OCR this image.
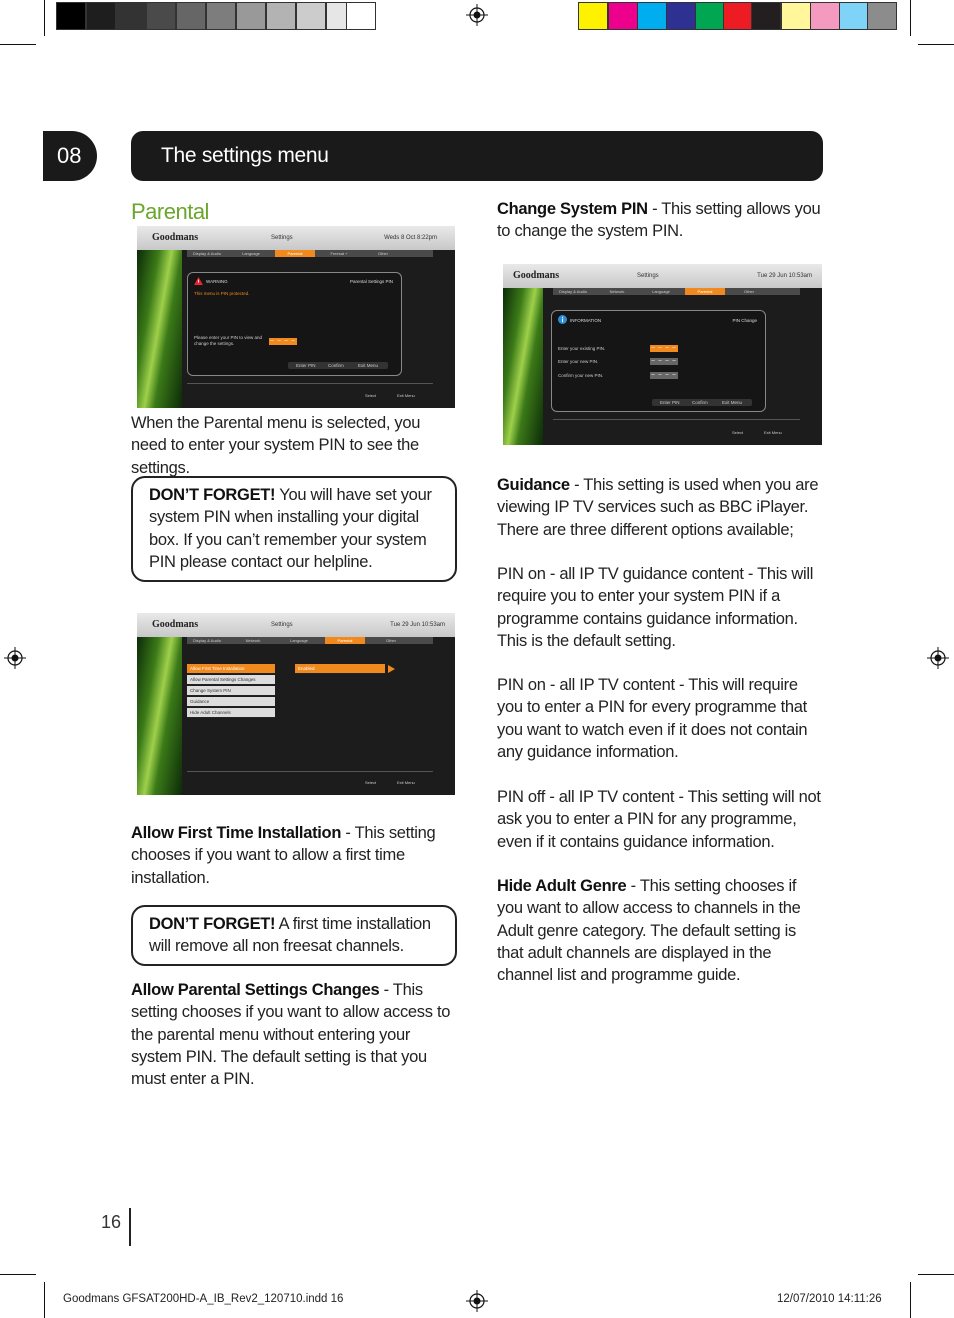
08	The settings menu
Parental
Goodmans	Settings	Weds 8 Oct 8:22pm
Display & Audio	Language	Parental	Freesat +	Other
WARNING	Parental Settings PIN
This menu is PIN protected.
Please enter your PIN to view and change the settings.	– – – –
Enter PIN	Confirm	Exit Menu
Select	Exit Menu
When the Parental menu is selected, you need to enter your system PIN to see the settings.
DON’T FORGET! You will have set your system PIN when installing your digital box. If you can’t remember your system PIN please contact our helpline.
Goodmans	Settings	Tue 29 Jun 10:53am
Display & Audio	Network	Language	Parental	Other
Allow First Time Installation
Allow Parental Settings Changes
Change System PIN
Guidance
Hide Adult Channels
Enabled
Select	Exit Menu
Allow First Time Installation - This setting chooses if you want to allow a first time installation.
DON’T FORGET! A first time installation will remove all non freesat channels.
Allow Parental Settings Changes - This setting chooses if you want to allow access to the parental menu without entering your system PIN. The default setting is that you must enter a PIN.
Change System PIN - This setting allows you to change the system PIN.
Goodmans	Settings	Tue 29 Jun 10:53am
Display & Audio	Network	Language	Parental	Other
INFORMATION	PIN Change
Enter your existing PIN.
Enter your new PIN.
Confirm your new PIN.
– – – –
– – – –
– – – –
Enter PIN	Confirm	Exit Menu
Select	Exit Menu
Guidance - This setting is used when you are viewing IP TV services such as BBC iPlayer. There are three different options available;
PIN on - all IP TV guidance content - This will require you to enter your system PIN if a programme contains guidance information. This is the default setting.
PIN on - all IP TV content - This will require you to enter a PIN for every programme that you want to watch even if it does not contain any guidance information.
PIN off - all IP TV content - This setting will not ask you to enter a PIN for any programme, even if it contains guidance information.
Hide Adult Genre - This setting chooses if you want to allow access to channels in the Adult genre category. The default setting is that adult channels are displayed in the channel list and programme guide.
16
Goodmans GFSAT200HD-A_IB_Rev2_120710.indd 16	12/07/2010 14:11:26
